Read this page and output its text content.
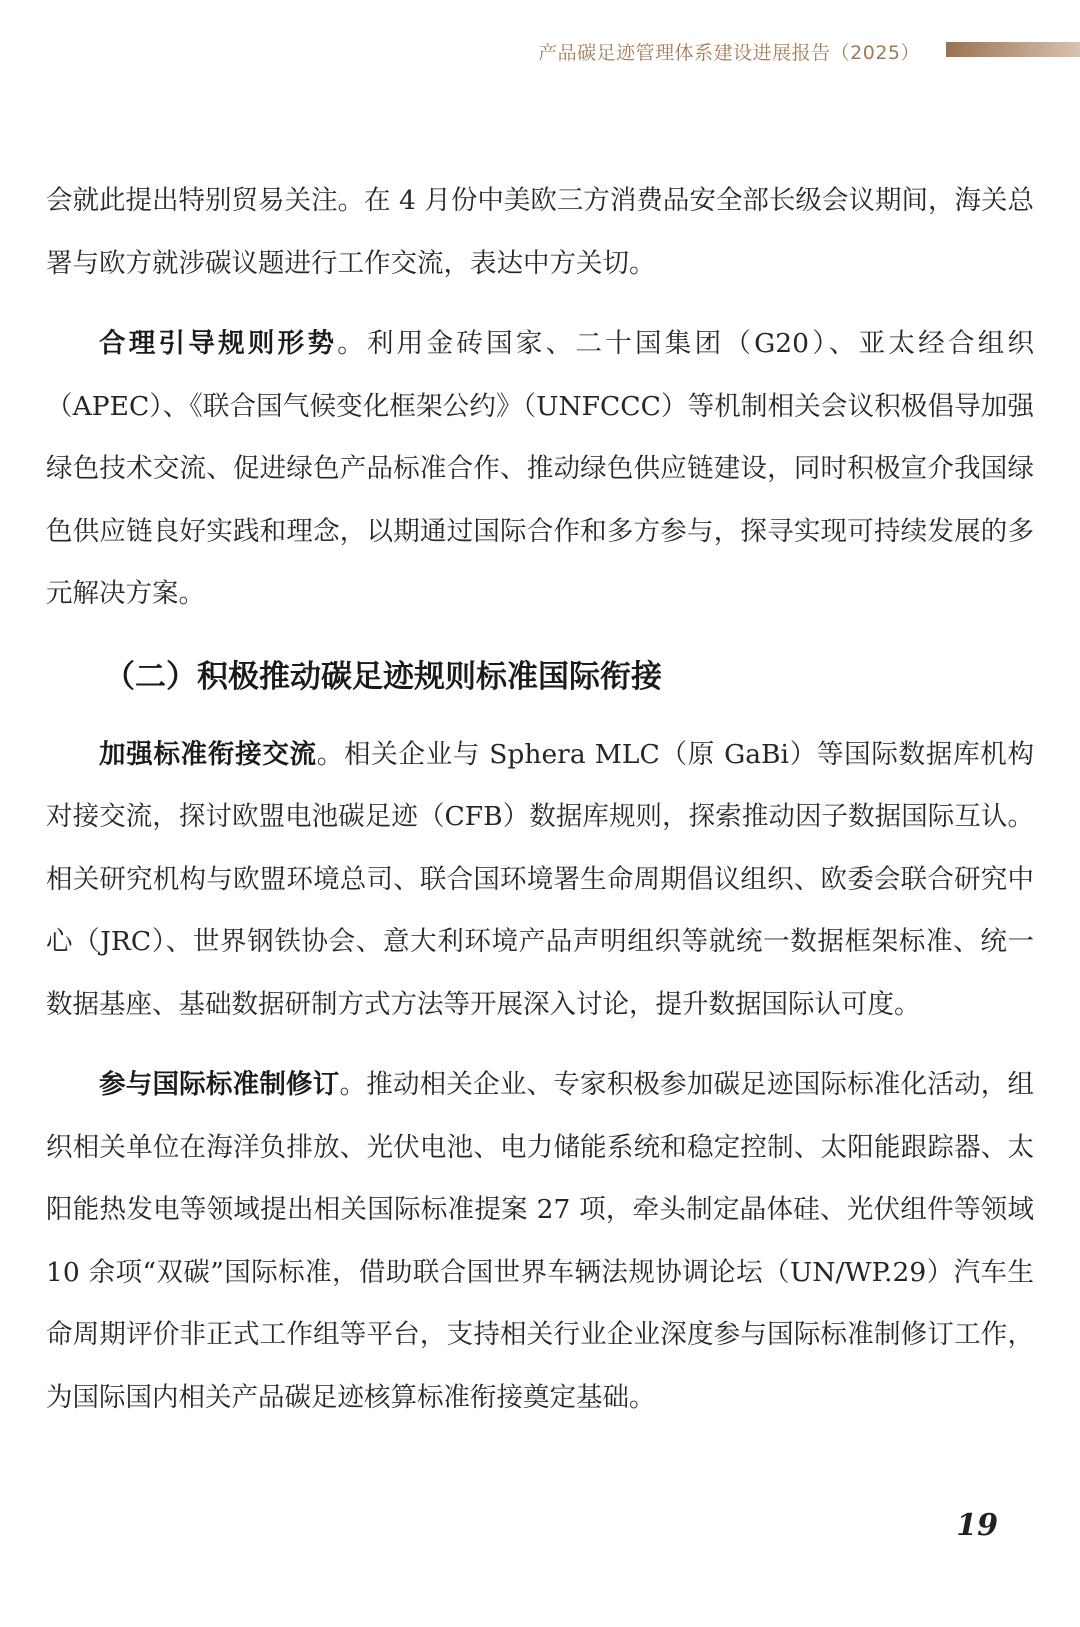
产品碳足迹管理体系建设进展报告（2025）

会就此提出特别贸易关注。在 4 月份中美欧三方消费品安全部长级会议期间，海关总署与欧方就涉碳议题进行工作交流，表达中方关切。

合理引导规则形势。利用金砖国家、二十国集团（G20）、亚太经合组织（APEC）、《联合国气候变化框架公约》（UNFCCC）等机制相关会议积极倡导加强绿色技术交流、促进绿色产品标准合作、推动绿色供应链建设，同时积极宣介我国绿色供应链良好实践和理念，以期通过国际合作和多方参与，探寻实现可持续发展的多元解决方案。

（二）积极推动碳足迹规则标准国际衔接

加强标准衔接交流。相关企业与 Sphera MLC（原 GaBi）等国际数据库机构对接交流，探讨欧盟电池碳足迹（CFB）数据库规则，探索推动因子数据国际互认。相关研究机构与欧盟环境总司、联合国环境署生命周期倡议组织、欧委会联合研究中心（JRC）、世界钢铁协会、意大利环境产品声明组织等就统一数据框架标准、统一数据基座、基础数据研制方式方法等开展深入讨论，提升数据国际认可度。

参与国际标准制修订。推动相关企业、专家积极参加碳足迹国际标准化活动，组织相关单位在海洋负排放、光伏电池、电力储能系统和稳定控制、太阳能跟踪器、太阳能热发电等领域提出相关国际标准提案 27 项，牵头制定晶体硅、光伏组件等领域 10 余项“双碳”国际标准，借助联合国世界车辆法规协调论坛（UN/WP.29）汽车生命周期评价非正式工作组等平台，支持相关行业企业深度参与国际标准制修订工作，为国际国内相关产品碳足迹核算标准衔接奠定基础。

19
